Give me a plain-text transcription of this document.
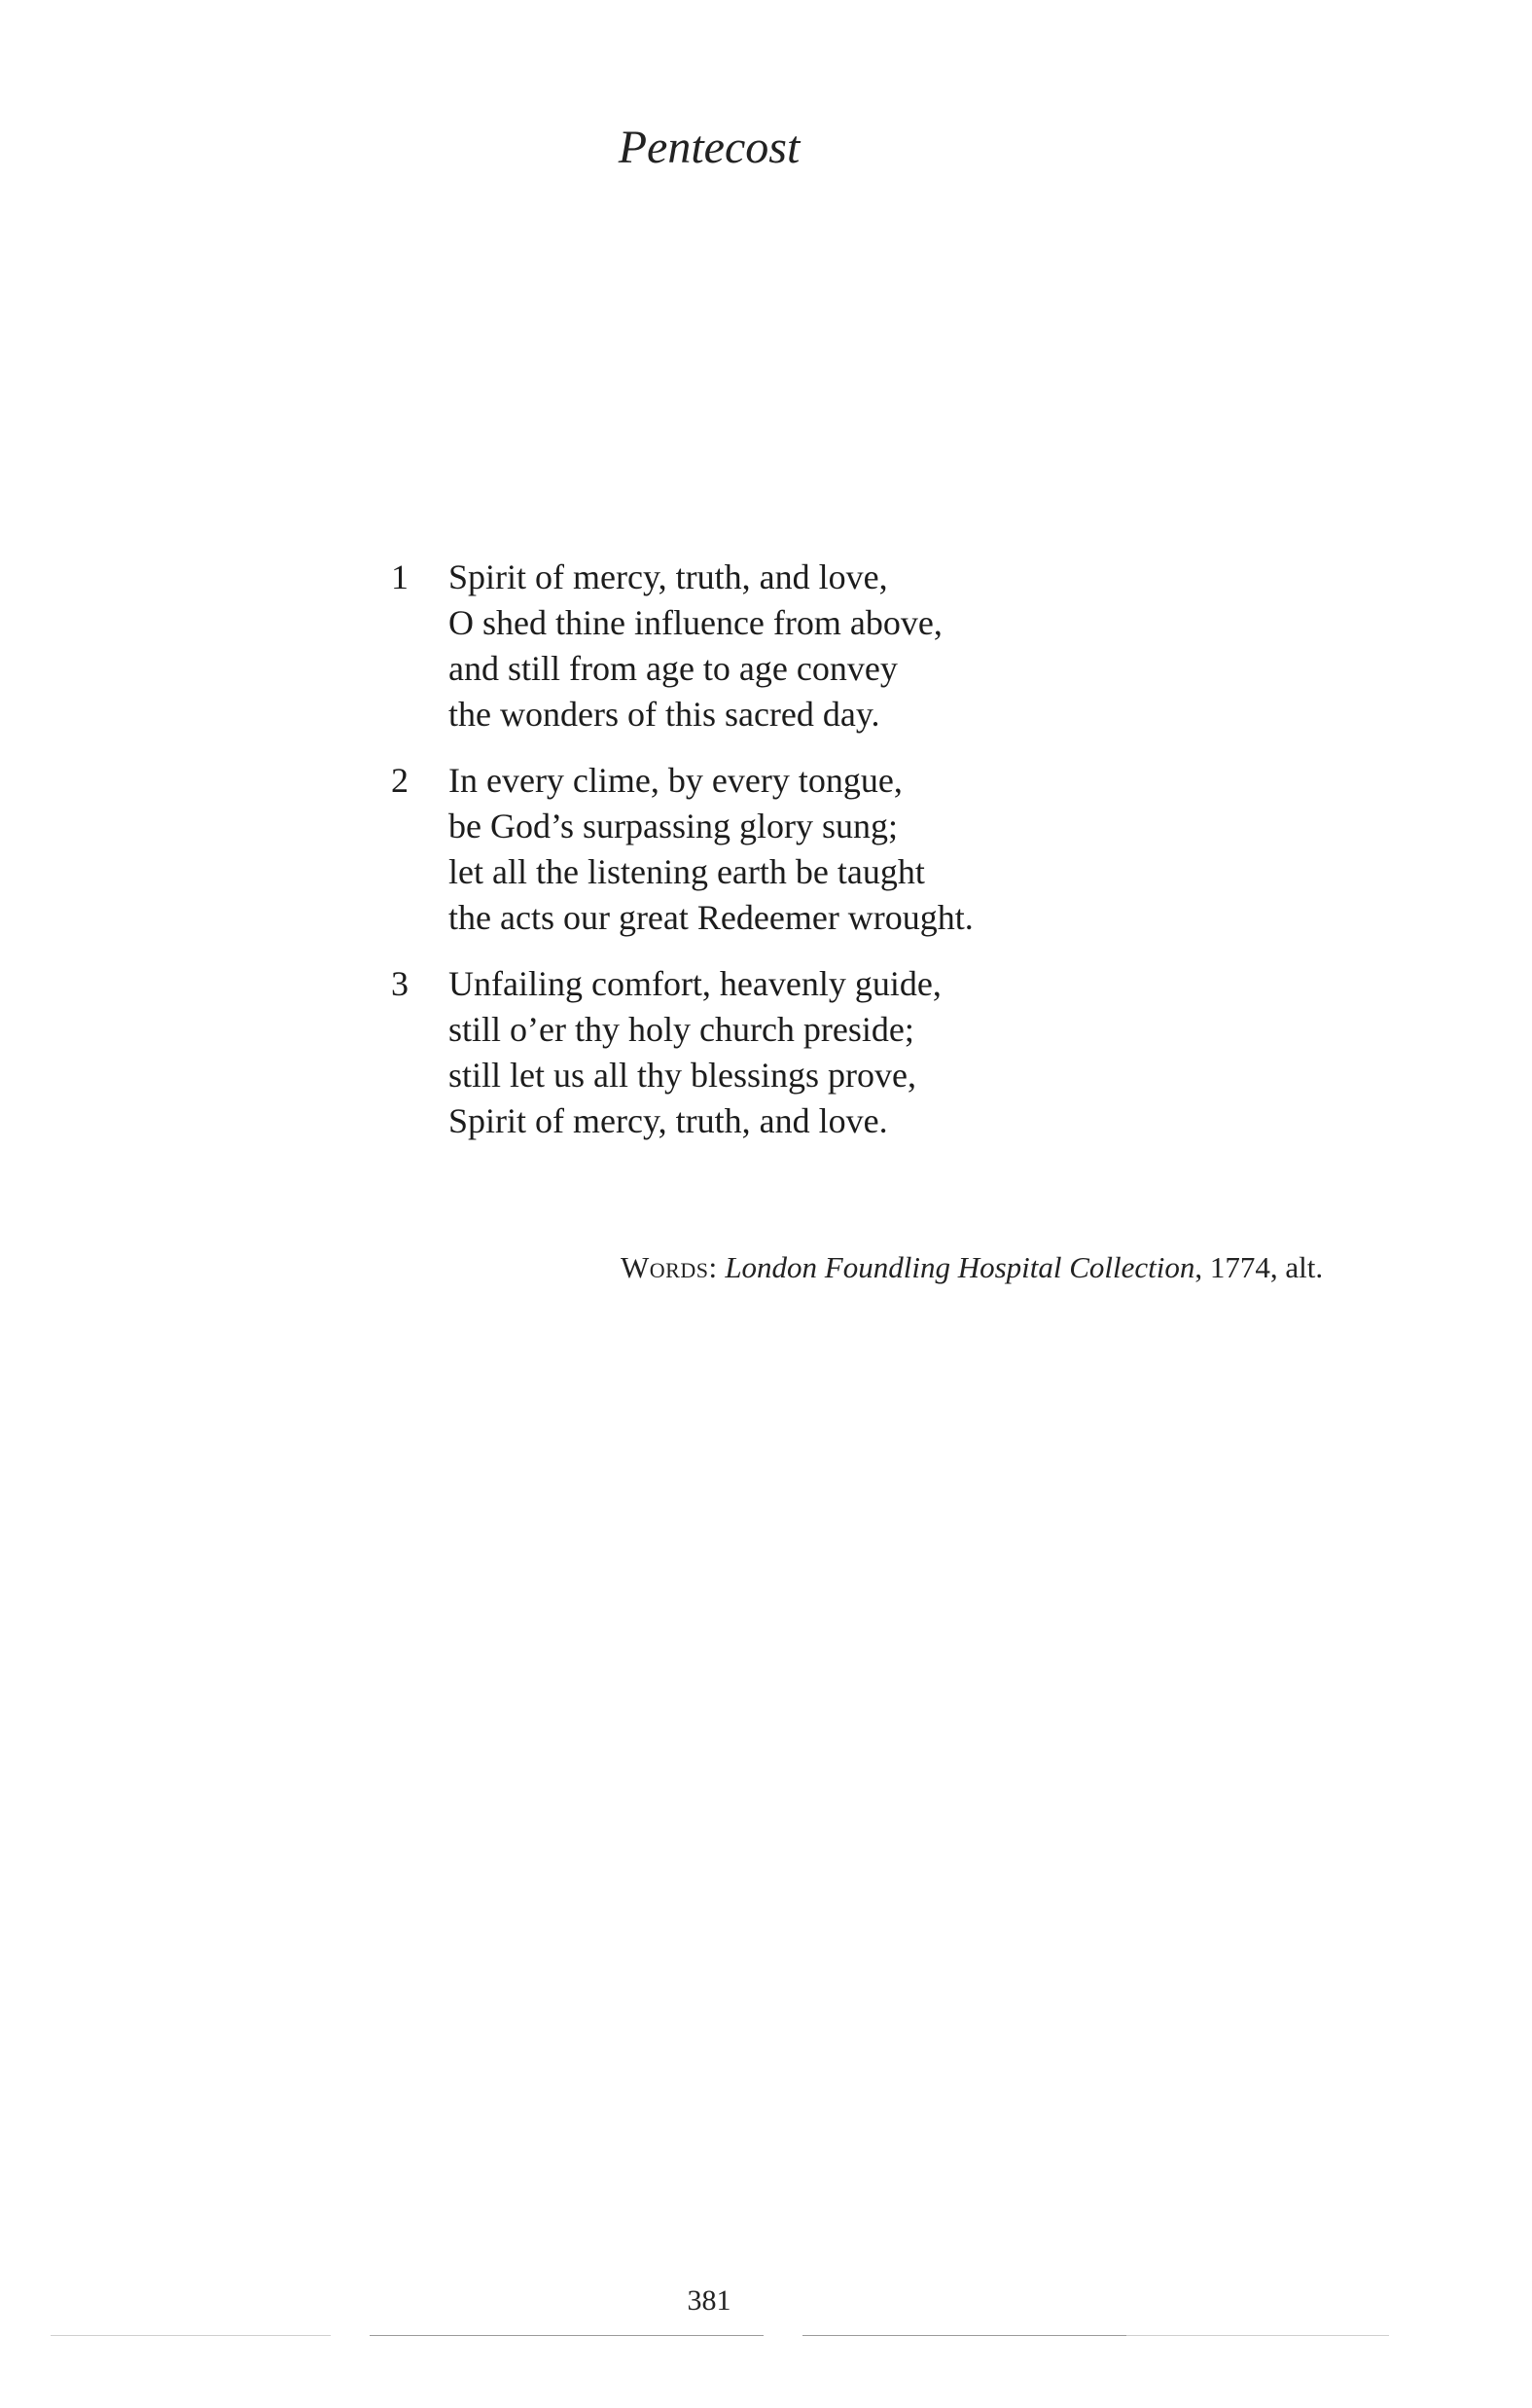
Pentecost
1 Spirit of mercy, truth, and love,
O shed thine influence from above,
and still from age to age convey
the wonders of this sacred day.
2 In every clime, by every tongue,
be God’s surpassing glory sung;
let all the listening earth be taught
the acts our great Redeemer wrought.
3 Unfailing comfort, heavenly guide,
still o’er thy holy church preside;
still let us all thy blessings prove,
Spirit of mercy, truth, and love.
Words: London Foundling Hospital Collection, 1774, alt.
381
